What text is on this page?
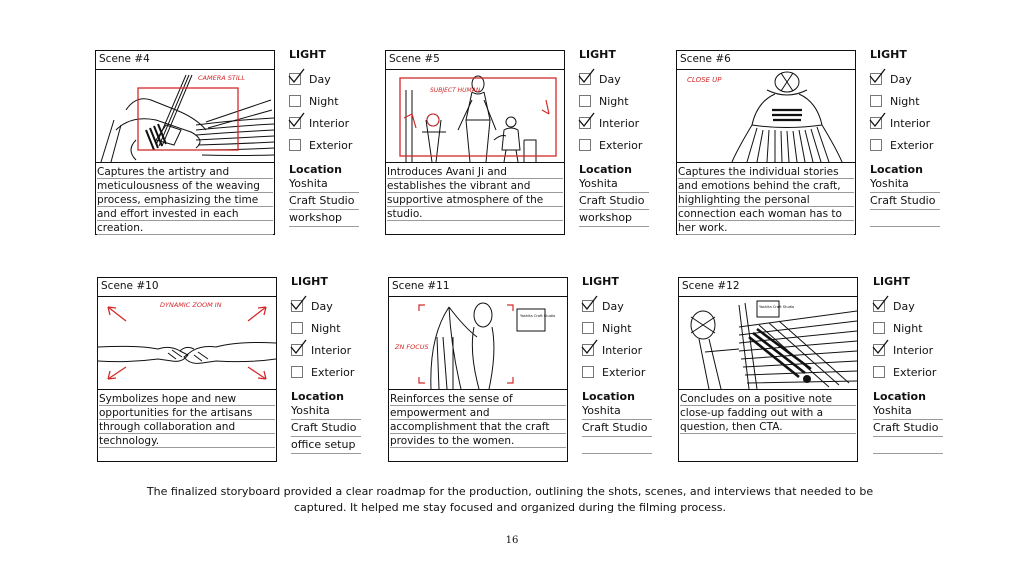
Scene #4
CAMERA STILL
Captures the artistry and meticulousness of the weaving process, emphasizing the time and effort invested in each creation.
LIGHT
Day
Night
Interior
Exterior
Location
Yoshita
Craft Studio
workshop
Scene #5
SUBJECT HUMAN
Introduces Avani Ji and establishes the vibrant and supportive atmosphere of the studio.
LIGHT
Day
Night
Interior
Exterior
Location
Yoshita
Craft Studio
workshop
Scene #6
CLOSE UP
Captures the individual stories and emotions behind the craft, highlighting the personal connection each woman has to her work.
LIGHT
Day
Night
Interior
Exterior
Location
Yoshita
Craft Studio
Scene #10
DYNAMIC ZOOM IN
Symbolizes hope and new opportunities for the artisans through collaboration and technology.
LIGHT
Day
Night
Interior
Exterior
Location
Yoshita
Craft Studio
office setup
Scene #11
Yoshita Craft Studio
ZN FOCUS
Reinforces the sense of empowerment and accomplishment that the craft provides to the women.
LIGHT
Day
Night
Interior
Exterior
Location
Yoshita
Craft Studio
Scene #12
Yoshita Craft Studio
Concludes on a positive note close-up fadding out with a question, then CTA.
LIGHT
Day
Night
Interior
Exterior
Location
Yoshita
Craft Studio
The finalized storyboard provided a clear roadmap for the production, outlining the shots, scenes, and interviews that needed to be captured. It helped me stay focused and organized during the filming process.
16
